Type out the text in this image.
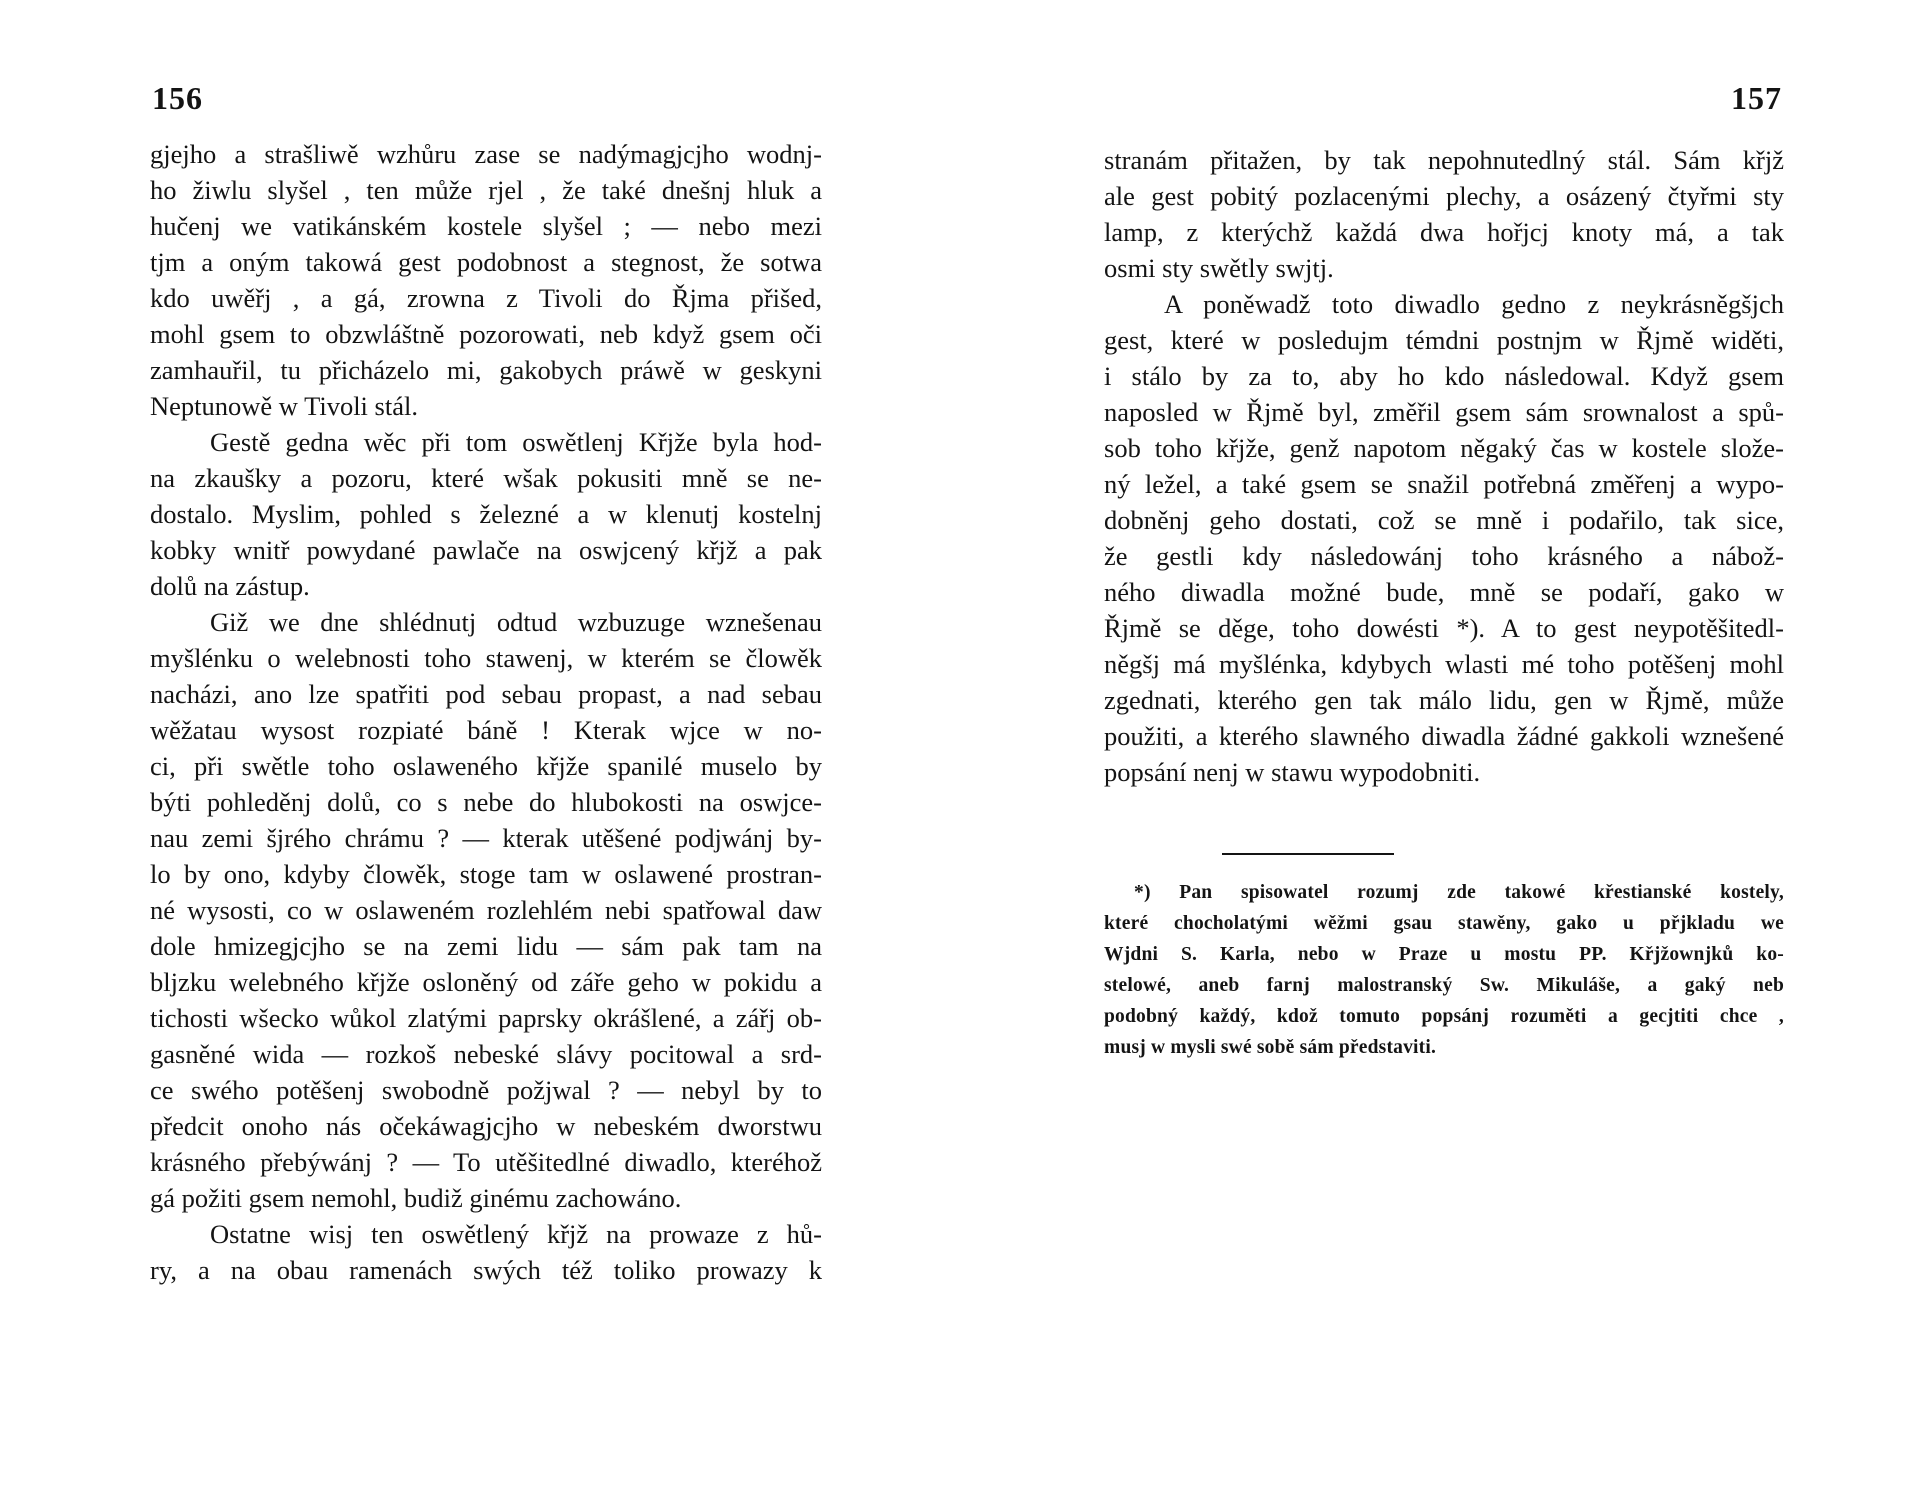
156
gjejho a strašliwě wzhůru zase se nadýmagjcjho wodnj-
ho žiwlu slyšel , ten může rjel , že také dnešnj hluk a
hučenj we vatikánském kostele slyšel ; — nebo mezi
tjm a oným takowá gest podobnost a stegnost, že sotwa
kdo uwěřj , a gá, zrowna z Tivoli do Řjma přišed,
mohl gsem to obzwláštně pozorowati, neb když gsem oči
zamhauřil, tu přicházelo mi, gakobych práwě w geskyni
Neptunowě w Tivoli stál.
Gestě gedna wěc při tom oswětlenj Křjže byla hod-
na zkaušky a pozoru, které wšak pokusiti mně se ne-
dostalo. Myslim, pohled s železné a w klenutj kostelnj
kobky wnitř powydané pawlače na oswjcený křjž a pak
dolů na zástup.
Giž we dne shlédnutj odtud wzbuzuge wznešenau
myšlénku o welebnosti toho stawenj, w kterém se člowěk
nacházi, ano lze spatřiti pod sebau propast, a nad sebau
wěžatau wysost rozpiaté báně ! Kterak wjce w no-
ci, při swětle toho oslaweného křjže spanilé muselo by
býti pohleděnj dolů, co s nebe do hlubokosti na oswjce-
nau zemi šjrého chrámu ? — kterak utěšené podjwánj by-
lo by ono, kdyby člowěk, stoge tam w oslawené prostran-
né wysosti, co w oslaweném rozlehlém nebi spatřowal daw
dole hmizegjcjho se na zemi lidu — sám pak tam na
bljzku welebného křjže osloněný od záře geho w pokidu a
tichosti wšecko wůkol zlatými paprsky okrášlené, a zářj ob-
gasněné wida — rozkoš nebeské slávy pocitowal a srd-
ce swého potěšenj swobodně požjwal ? — nebyl by to
předcit onoho nás očekáwagjcjho w nebeském dworstwu
krásného přebýwánj ? — To utěšitedlné diwadlo, kteréhož
gá požiti gsem nemohl, budiž ginému zachowáno.
Ostatne wisj ten oswětlený křjž na prowaze z hů-
ry, a na obau ramenách swých též toliko prowazy k
157
stranám přitažen, by tak nepohnutedlný stál. Sám křjž
ale gest pobitý pozlacenými plechy, a osázený čtyřmi sty
lamp, z kterýchž každá dwa hořjcj knoty má, a tak
osmi sty swětly swjtj.
A poněwadž toto diwadlo gedno z neykrásněgšjch
gest, které w posledujm témdni postnjm w Řjmě widěti,
i stálo by za to, aby ho kdo následowal. Když gsem
naposled w Řjmě byl, změřil gsem sám srownalost a spů-
sob toho křjže, genž napotom něgaký čas w kostele slože-
ný ležel, a také gsem se snažil potřebná změřenj a wypo-
dobněnj geho dostati, což se mně i podařilo, tak sice,
že gestli kdy následowánj toho krásného a nábož-
ného diwadla možné bude, mně se podaří, gako w
Řjmě se děge, toho dowésti *). A to gest neypotěšitedl-
něgšj má myšlénka, kdybych wlasti mé toho potěšenj mohl
zgednati, kterého gen tak málo lidu, gen w Řjmě, může
použiti, a kterého slawného diwadla žádné gakkoli wznešené
popsání nenj w stawu wypodobniti.
*) Pan spisowatel rozumj zde takowé křestianské kostely,
které chocholatými wěžmi gsau stawěny, gako u přjkladu we
Wjdni S. Karla, nebo w Praze u mostu PP. Křjžownjků ko-
stelowé, aneb farnj malostranský Sw. Mikuláše, a gaký neb
podobný každý, kdož tomuto popsánj rozuměti a gecjtiti chce ,
musj w mysli swé sobě sám představiti.
